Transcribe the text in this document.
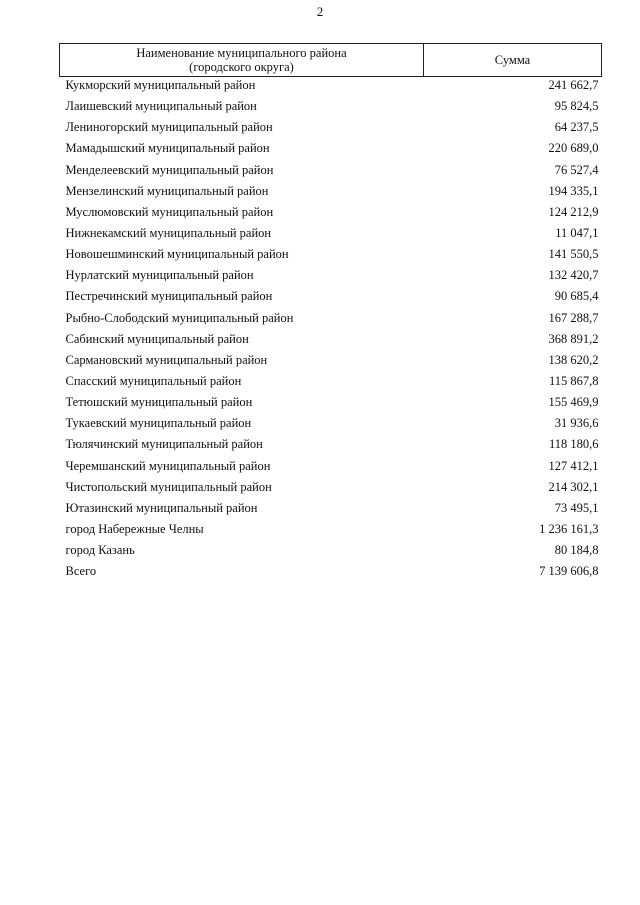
2
Наименование муниципального района
(городского округа)	Сумма
Кукморский муниципальный район	241 662,7
Лаишевский муниципальный район	95 824,5
Лениногорский муниципальный район	64 237,5
Мамадышский муниципальный район	220 689,0
Менделеевский муниципальный район	76 527,4
Мензелинский муниципальный район	194 335,1
Муслюмовский муниципальный район	124 212,9
Нижнекамский муниципальный район	11 047,1
Новошешминский муниципальный район	141 550,5
Нурлатский муниципальный район	132 420,7
Пестречинский муниципальный район	90 685,4
Рыбно-Слободский муниципальный район	167 288,7
Сабинский муниципальный район	368 891,2
Сармановский муниципальный район	138 620,2
Спасский муниципальный район	115 867,8
Тетюшский муниципальный район	155 469,9
Тукаевский муниципальный район	31 936,6
Тюлячинский муниципальный район	118 180,6
Черемшанский муниципальный район	127 412,1
Чистопольский муниципальный район	214 302,1
Ютазинский муниципальный район	73 495,1
город Набережные Челны	1 236 161,3
город Казань	80 184,8
Всего	7 139 606,8
